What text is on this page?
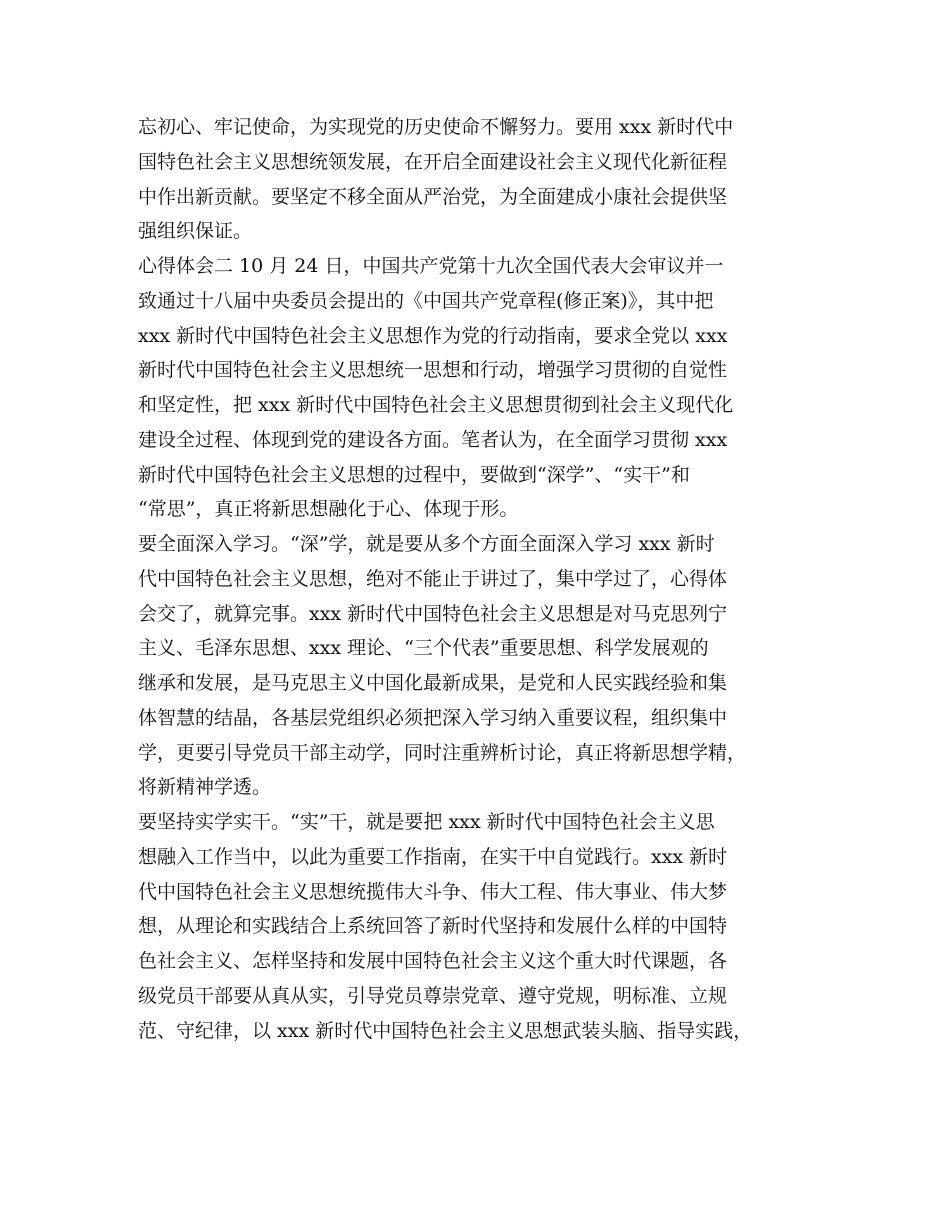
忘初心、牢记使命，为实现党的历史使命不懈努力。要用 xxx 新时代中
国特色社会主义思想统领发展，在开启全面建设社会主义现代化新征程
中作出新贡献。要坚定不移全面从严治党，为全面建成小康社会提供坚
强组织保证。
心得体会二 10 月 24 日，中国共产党第十九次全国代表大会审议并一
致通过十八届中央委员会提出的《中国共产党章程(修正案)》，其中把
xxx 新时代中国特色社会主义思想作为党的行动指南，要求全党以 xxx
新时代中国特色社会主义思想统一思想和行动，增强学习贯彻的自觉性
和坚定性，把 xxx 新时代中国特色社会主义思想贯彻到社会主义现代化
建设全过程、体现到党的建设各方面。笔者认为，在全面学习贯彻 xxx
新时代中国特色社会主义思想的过程中，要做到“深学”、“实干”和
“常思”，真正将新思想融化于心、体现于形。
要全面深入学习。“深”学，就是要从多个方面全面深入学习 xxx 新时
代中国特色社会主义思想，绝对不能止于讲过了，集中学过了，心得体
会交了，就算完事。xxx 新时代中国特色社会主义思想是对马克思列宁
主义、毛泽东思想、xxx 理论、“三个代表”重要思想、科学发展观的
继承和发展，是马克思主义中国化最新成果，是党和人民实践经验和集
体智慧的结晶，各基层党组织必须把深入学习纳入重要议程，组织集中
学，更要引导党员干部主动学，同时注重辨析讨论，真正将新思想学精，
将新精神学透。
要坚持实学实干。“实”干，就是要把 xxx 新时代中国特色社会主义思
想融入工作当中，以此为重要工作指南，在实干中自觉践行。xxx 新时
代中国特色社会主义思想统揽伟大斗争、伟大工程、伟大事业、伟大梦
想，从理论和实践结合上系统回答了新时代坚持和发展什么样的中国特
色社会主义、怎样坚持和发展中国特色社会主义这个重大时代课题，各
级党员干部要从真从实，引导党员尊崇党章、遵守党规，明标准、立规
范、守纪律，以 xxx 新时代中国特色社会主义思想武装头脑、指导实践，
